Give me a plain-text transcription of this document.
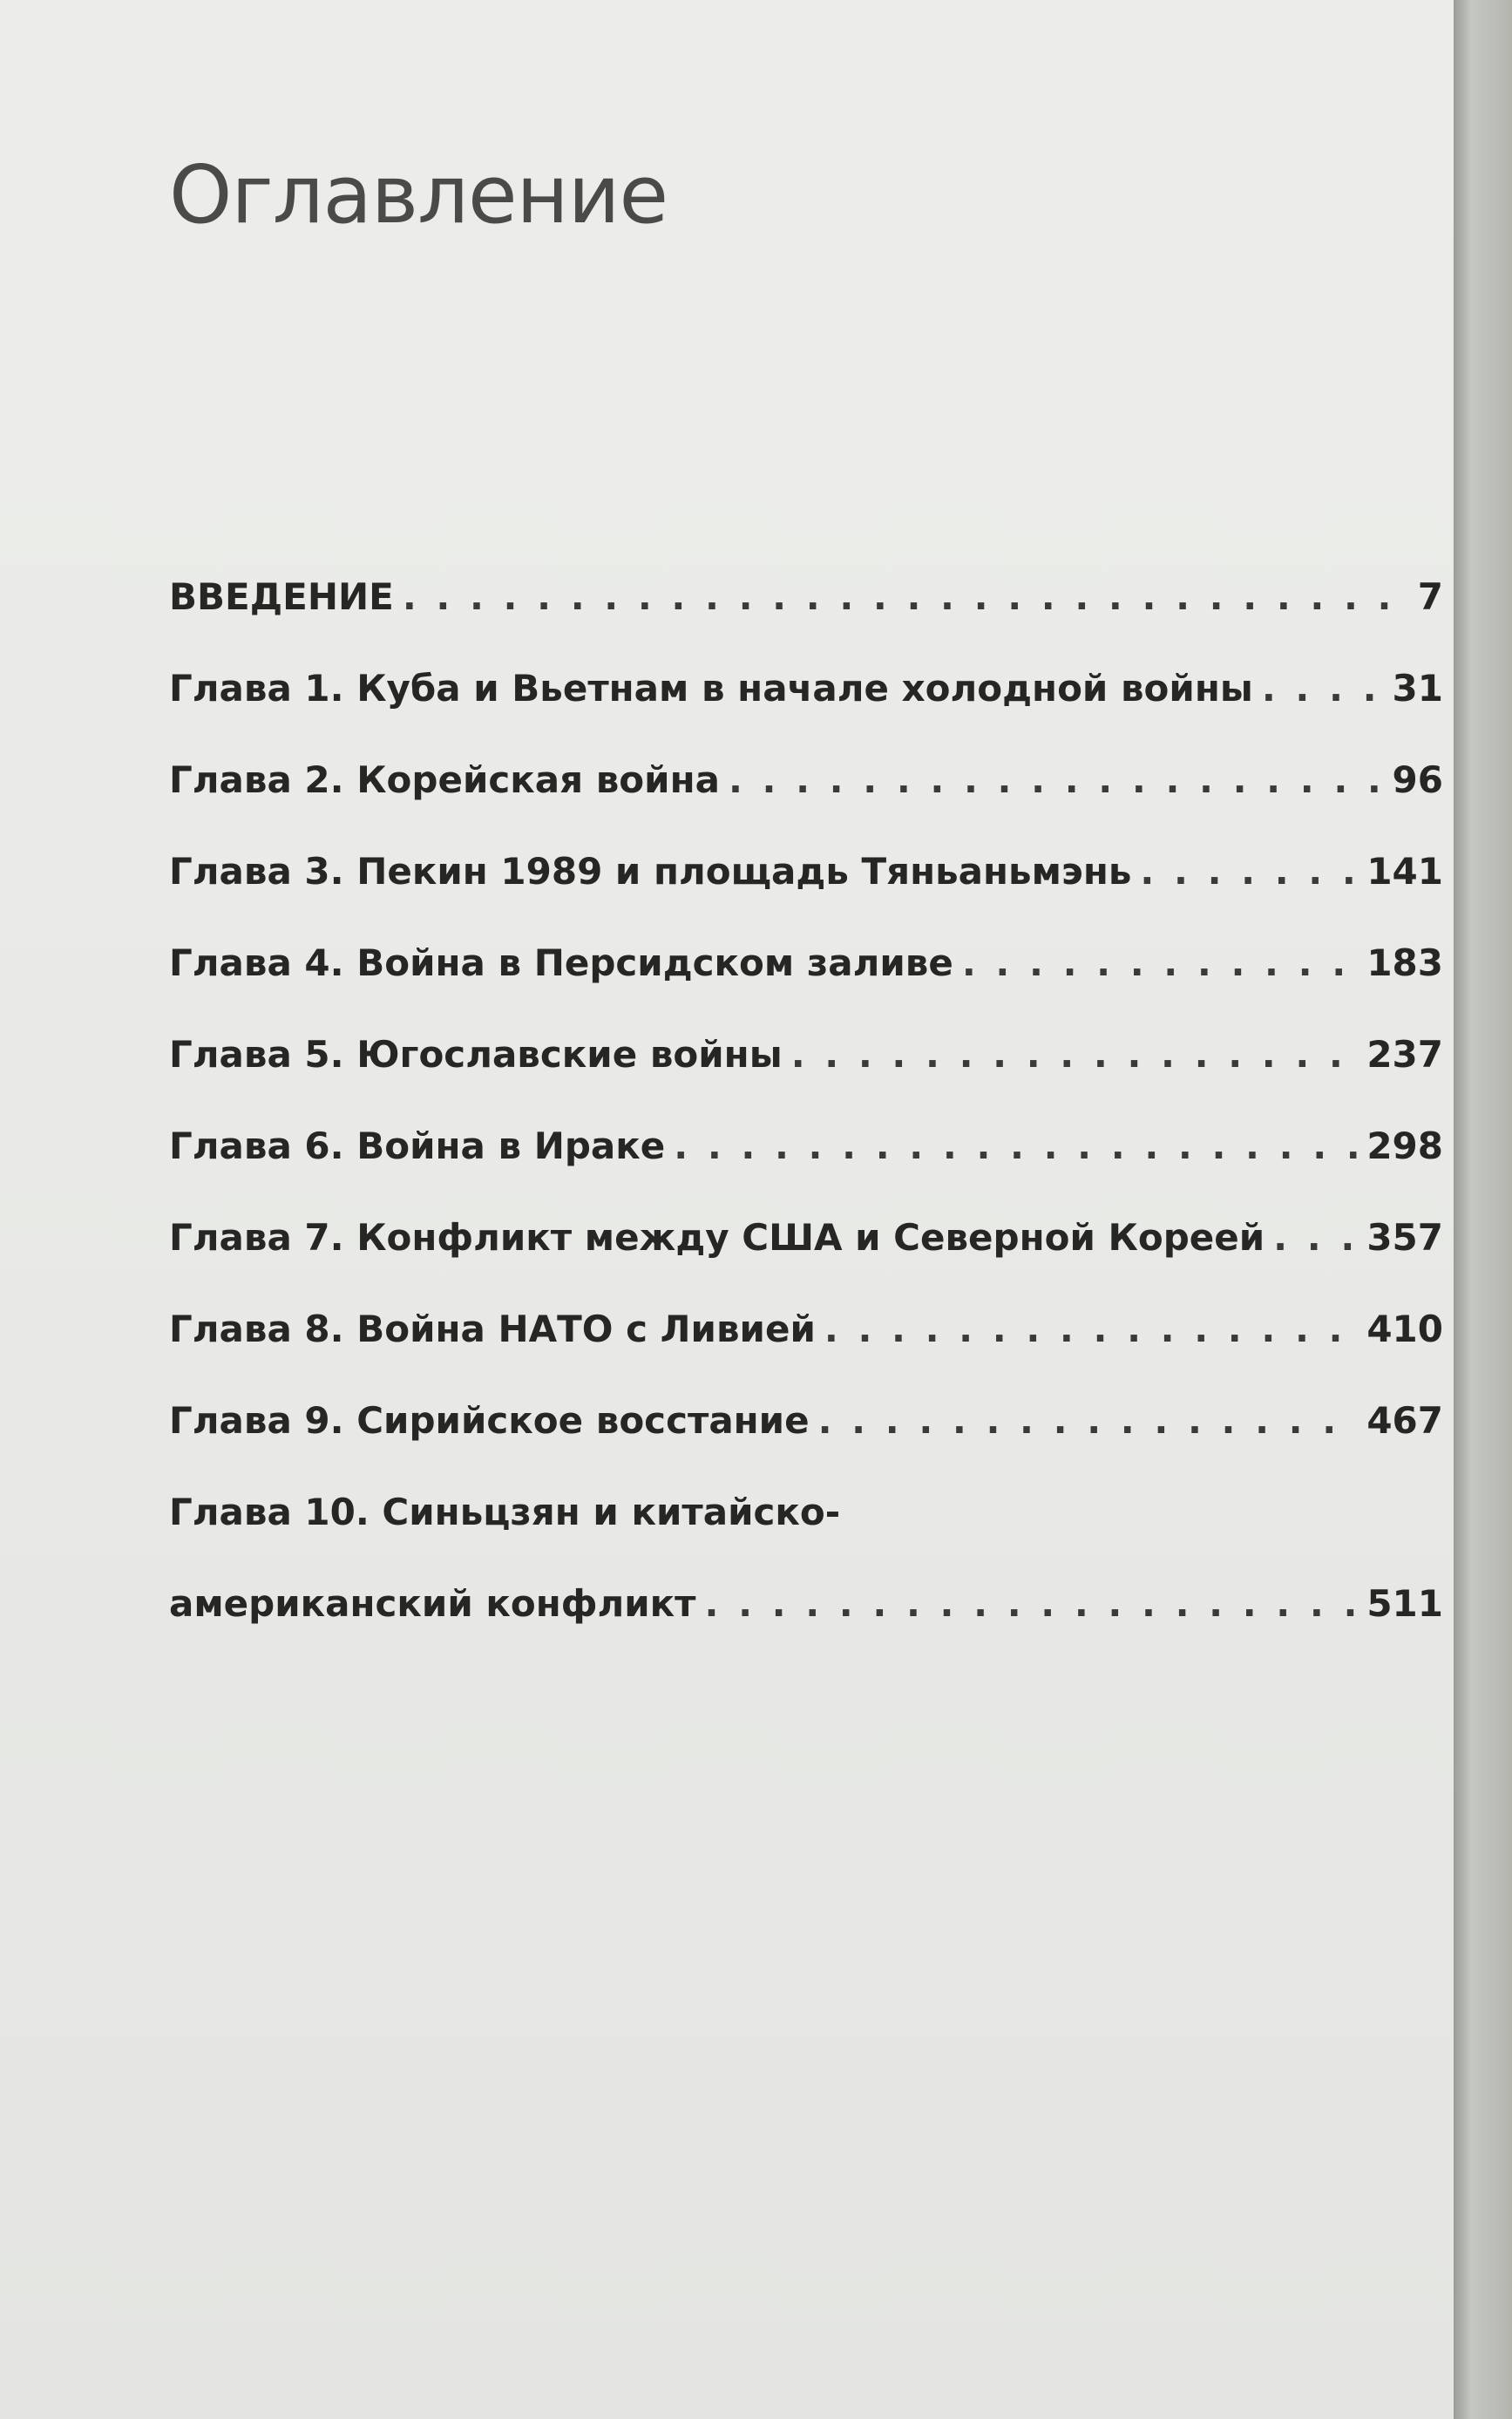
Оглавление
ВВЕДЕНИЕ . . .	7
Глава 1. Куба и Вьетнам в начале холодной войны . . .	31
Глава 2. Корейская война . . .	96
Глава 3. Пекин 1989 и площадь Тяньаньмэнь . . .	141
Глава 4. Война в Персидском заливе . . .	183
Глава 5. Югославские войны . . .	237
Глава 6. Война в Ираке . . .	298
Глава 7. Конфликт между США и Северной Кореей . . .	357
Глава 8. Война НАТО с Ливией . . .	410
Глава 9. Сирийское восстание . . .	467
Глава 10. Синьцзян и китайско-
американский конфликт . . .	511
